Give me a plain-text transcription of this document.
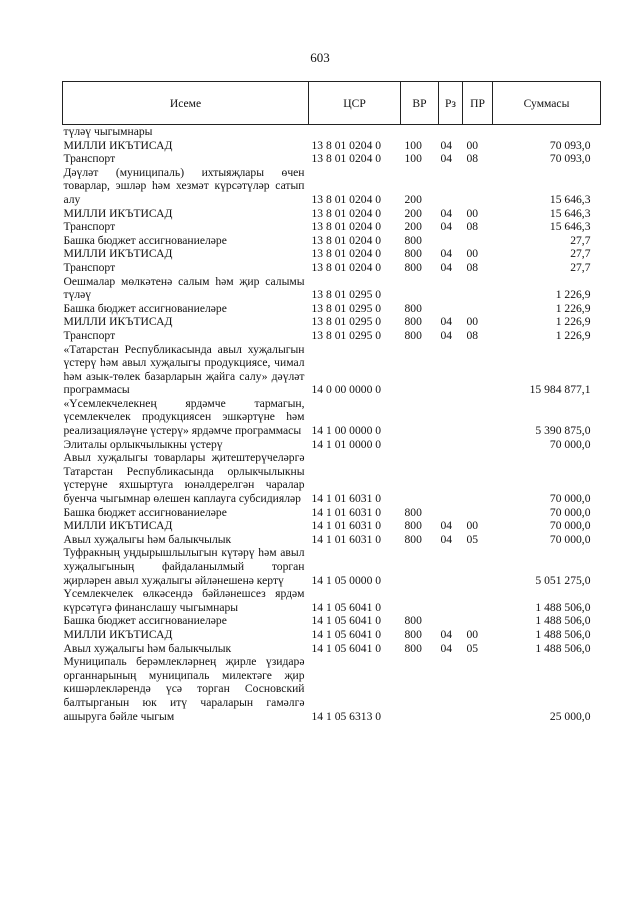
603
Исеме	ЦСР	ВР	Рз	ПР	Суммасы
түләү чыгымнары					
МИЛЛИ ИКЪТИСАД	13 8 01 0204 0	100	04	00	70 093,0
Транспорт	13 8 01 0204 0	100	04	08	70 093,0
Дәүләт (муниципаль) ихтыяҗлары өчен товарлар, эшләр һәм хезмәт күрсәтүләр сатып алу	13 8 01 0204 0	200			15 646,3
МИЛЛИ ИКЪТИСАД	13 8 01 0204 0	200	04	00	15 646,3
Транспорт	13 8 01 0204 0	200	04	08	15 646,3
Башка бюджет ассигнованиеләре	13 8 01 0204 0	800			27,7
МИЛЛИ ИКЪТИСАД	13 8 01 0204 0	800	04	00	27,7
Транспорт	13 8 01 0204 0	800	04	08	27,7
Оешмалар мөлкәтенә салым һәм җир салымы түләү	13 8 01 0295 0				1 226,9
Башка бюджет ассигнованиеләре	13 8 01 0295 0	800			1 226,9
МИЛЛИ ИКЪТИСАД	13 8 01 0295 0	800	04	00	1 226,9
Транспорт	13 8 01 0295 0	800	04	08	1 226,9
«Татарстан Республикасында авыл хуҗалыгын үстерү һәм авыл хуҗалыгы продукциясе, чимал һәм азык-төлек базарларын җайга салу» дәүләт программасы	14 0 00 0000 0				15 984 877,1
«Үсемлекчелекнең ярдәмче тармагын, үсемлекчелек продукциясен эшкәртүне һәм реализацияләүне үстерү» ярдәмче программасы	14 1 00 0000 0				5 390 875,0
Элиталы орлыкчылыкны үстерү	14 1 01 0000 0				70 000,0
Авыл хуҗалыгы товарлары җитештерүчеләргә Татарстан Республикасында орлыкчылыкны үстерүне яхшыртуга юнәлдерелгән чаралар буенча чыгымнар өлешен каплауга субсидияләр	14 1 01 6031 0				70 000,0
Башка бюджет ассигнованиеләре	14 1 01 6031 0	800			70 000,0
МИЛЛИ ИКЪТИСАД	14 1 01 6031 0	800	04	00	70 000,0
Авыл хуҗалыгы һәм балыкчылык	14 1 01 6031 0	800	04	05	70 000,0
Туфракның уңдырышлылыгын күтәрү һәм авыл хуҗалыгының файдаланылмый торган җирләрен авыл хуҗалыгы әйләнешенә кертү	14 1 05 0000 0				5 051 275,0
Үсемлекчелек өлкәсендә бәйләнешсез ярдәм күрсәтүгә финанслашу чыгымнары	14 1 05 6041 0				1 488 506,0
Башка бюджет ассигнованиеләре	14 1 05 6041 0	800			1 488 506,0
МИЛЛИ ИКЪТИСАД	14 1 05 6041 0	800	04	00	1 488 506,0
Авыл хуҗалыгы һәм балыкчылык	14 1 05 6041 0	800	04	05	1 488 506,0
Муниципаль берәмлекләрнең җирле үзидарә органнарының муниципаль милектәге җир кишәрлекләрендә үсә торган Сосновский балтырганын юк итү чараларын гамәлгә ашыруга бәйле чыгым	14 1 05 6313 0				25 000,0
